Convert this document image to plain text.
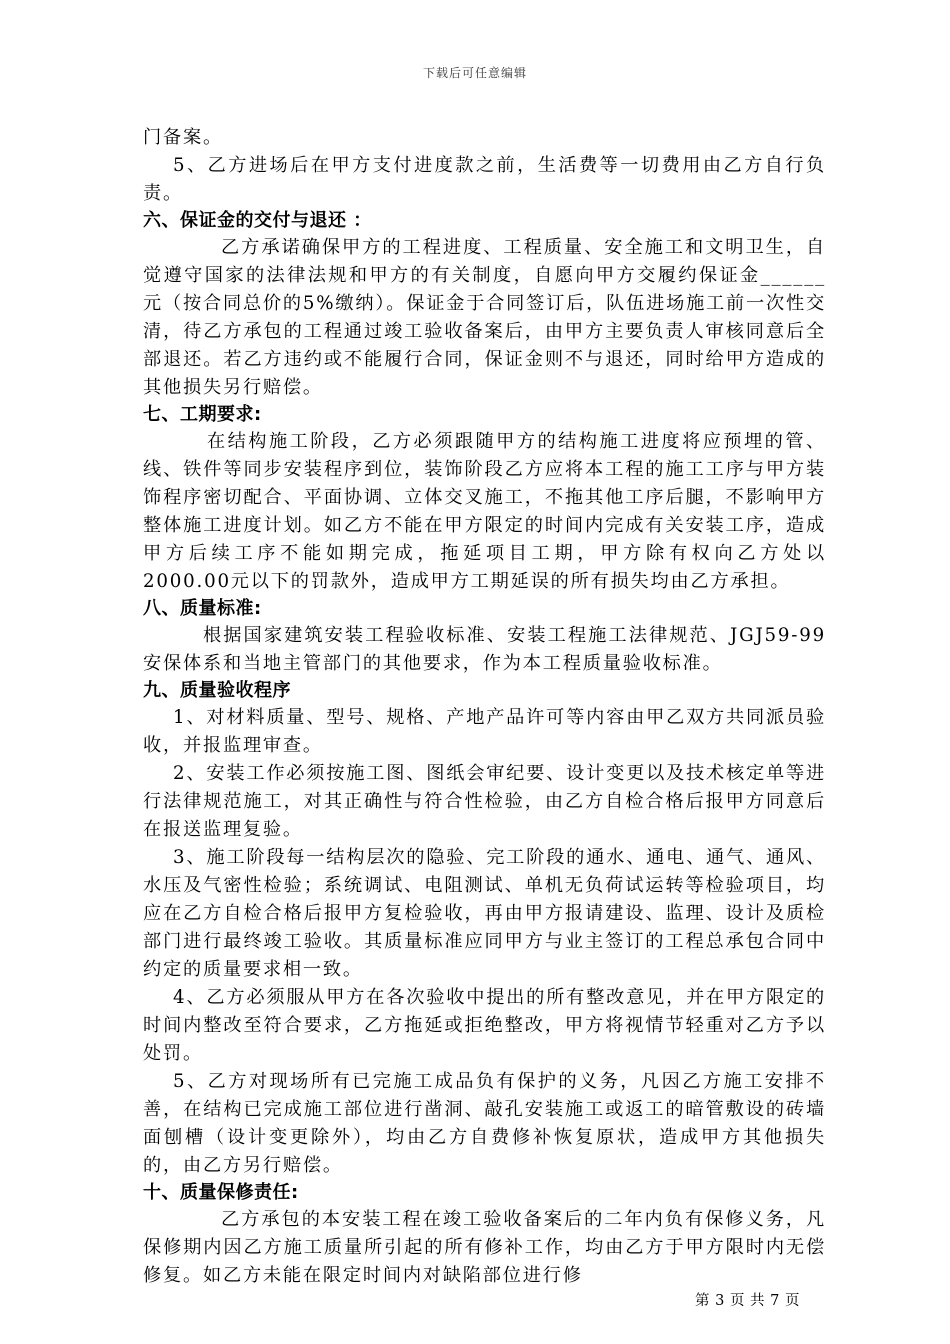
下载后可任意编辑

门备案。

5、乙方进场后在甲方支付进度款之前，生活费等一切费用由乙方自行负责。

六、保证金的交付与退还 ：

乙方承诺确保甲方的工程进度、工程质量、安全施工和文明卫生，自觉遵守国家的法律法规和甲方的有关制度，自愿向甲方交履约保证金______ 元（按合同总价的5%缴纳）。保证金于合同签订后，队伍进场施工前一次性交清，待乙方承包的工程通过竣工验收备案后，由甲方主要负责人审核同意后全部退还。若乙方违约或不能履行合同，保证金则不与退还，同时给甲方造成的其他损失另行赔偿。

七、工期要求:

在结构施工阶段，乙方必须跟随甲方的结构施工进度将应预埋的管、线、铁件等同步安装程序到位，装饰阶段乙方应将本工程的施工工序与甲方装饰程序密切配合、平面协调、立体交叉施工，不拖其他工序后腿，不影响甲方整体施工进度计划。如乙方不能在甲方限定的时间内完成有关安装工序，造成甲方后续工序不能如期完成，拖延项目工期，甲方除有权向乙方处以2000.00元以下的罚款外，造成甲方工期延误的所有损失均由乙方承担。

八、质量标准:

根据国家建筑安装工程验收标准、安装工程施工法律规范、JGJ59-99安保体系和当地主管部门的其他要求，作为本工程质量验收标准。

九、质量验收程序

1、对材料质量、型号、规格、产地产品许可等内容由甲乙双方共同派员验收，并报监理审查。

2、安装工作必须按施工图、图纸会审纪要、设计变更以及技术核定单等进行法律规范施工，对其正确性与符合性检验，由乙方自检合格后报甲方同意后在报送监理复验。

3、施工阶段每一结构层次的隐验、完工阶段的通水、通电、通气、通风、水压及气密性检验；系统调试、电阻测试、单机无负荷试运转等检验项目，均应在乙方自检合格后报甲方复检验收，再由甲方报请建设、监理、设计及质检部门进行最终竣工验收。其质量标准应同甲方与业主签订的工程总承包合同中约定的质量要求相一致。

4、乙方必须服从甲方在各次验收中提出的所有整改意见，并在甲方限定的时间内整改至符合要求，乙方拖延或拒绝整改，甲方将视情节轻重对乙方予以处罚。

5、乙方对现场所有已完施工成品负有保护的义务，凡因乙方施工安排不善，在结构已完成施工部位进行凿洞、敲孔安装施工或返工的暗管敷设的砖墙面刨槽（设计变更除外），均由乙方自费修补恢复原状，造成甲方其他损失的，由乙方另行赔偿。

十、质量保修责任:

乙方承包的本安装工程在竣工验收备案后的二年内负有保修义务，凡保修期内因乙方施工质量所引起的所有修补工作，均由乙方于甲方限时内无偿修复。如乙方未能在限定时间内对缺陷部位进行修

第 3 页 共 7 页
